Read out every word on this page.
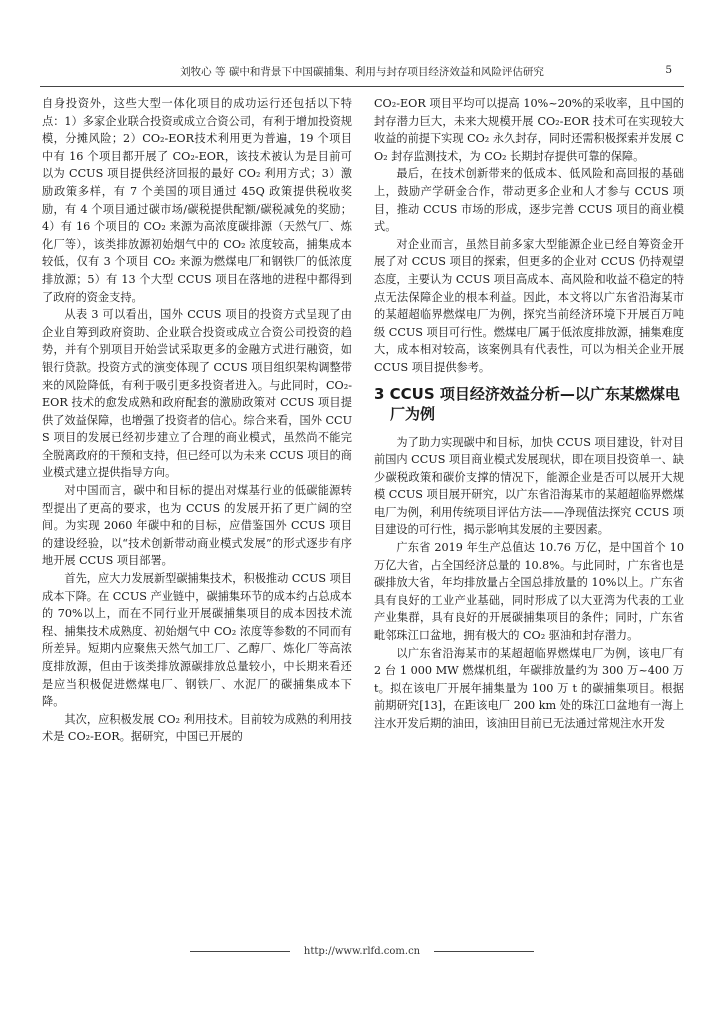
刘牧心 等 碳中和背景下中国碳捕集、利用与封存项目经济效益和风险评估研究	5

自身投资外，这些大型一体化项目的成功运行还包括以下特点：1）多家企业联合投资或成立合资公司，有利于增加投资规模，分摊风险；2）CO₂-EOR技术利用更为普遍，19 个项目中有 16 个项目都开展了 CO₂-EOR，该技术被认为是目前可以为 CCUS 项目提供经济回报的最好 CO₂ 利用方式；3）激励政策多样，有 7 个美国的项目通过 45Q 政策提供税收奖励，有 4 个项目通过碳市场/碳税提供配额/碳税减免的奖励；4）有 16 个项目的 CO₂ 来源为高浓度碳排源（天然气厂、炼化厂等），该类排放源初始烟气中的 CO₂ 浓度较高，捕集成本较低，仅有 3 个项目 CO₂ 来源为燃煤电厂和钢铁厂的低浓度排放源；5）有 13 个大型 CCUS 项目在落地的进程中都得到了政府的资金支持。

从表 3 可以看出，国外 CCUS 项目的投资方式呈现了由企业自筹到政府资助、企业联合投资或成立合资公司投资的趋势，并有个别项目开始尝试采取更多的金融方式进行融资，如银行贷款。投资方式的演变体现了 CCUS 项目组织架构调整带来的风险降低，有利于吸引更多投资者进入。与此同时，CO₂-EOR 技术的愈发成熟和政府配套的激励政策对 CCUS 项目提供了效益保障，也增强了投资者的信心。综合来看，国外 CCUS 项目的发展已经初步建立了合理的商业模式，虽然尚不能完全脱离政府的干预和支持，但已经可以为未来 CCUS 项目的商业模式建立提供指导方向。

对中国而言，碳中和目标的提出对煤基行业的低碳能源转型提出了更高的要求，也为 CCUS 的发展开拓了更广阔的空间。为实现 2060 年碳中和的目标，应借鉴国外 CCUS 项目的建设经验，以“技术创新带动商业模式发展”的形式逐步有序地开展 CCUS 项目部署。

首先，应大力发展新型碳捕集技术，积极推动 CCUS 项目成本下降。在 CCUS 产业链中，碳捕集环节的成本约占总成本的 70%以上，而在不同行业开展碳捕集项目的成本因技术流程、捕集技术成熟度、初始烟气中 CO₂ 浓度等参数的不同而有所差异。短期内应聚焦天然气加工厂、乙醇厂、炼化厂等高浓度排放源，但由于该类排放源碳排放总量较小，中长期来看还是应当积极促进燃煤电厂、钢铁厂、水泥厂的碳捕集成本下降。

其次，应积极发展 CO₂ 利用技术。目前较为成熟的利用技术是 CO₂-EOR。据研究，中国已开展的

CO₂-EOR 项目平均可以提高 10%~20%的采收率，且中国的封存潜力巨大，未来大规模开展 CO₂-EOR 技术可在实现较大收益的前提下实现 CO₂ 永久封存，同时还需积极探索并发展 CO₂ 封存监测技术，为 CO₂ 长期封存提供可靠的保障。

最后，在技术创新带来的低成本、低风险和高回报的基础上，鼓励产学研金合作，带动更多企业和人才参与 CCUS 项目，推动 CCUS 市场的形成，逐步完善 CCUS 项目的商业模式。

对企业而言，虽然目前多家大型能源企业已经自筹资金开展了对 CCUS 项目的探索，但更多的企业对 CCUS 仍持观望态度，主要认为 CCUS 项目高成本、高风险和收益不稳定的特点无法保障企业的根本利益。因此，本文将以广东省沿海某市的某超超临界燃煤电厂为例，探究当前经济环境下开展百万吨级 CCUS 项目可行性。燃煤电厂属于低浓度排放源，捕集难度大，成本相对较高，该案例具有代表性，可以为相关企业开展 CCUS 项目提供参考。

3 CCUS 项目经济效益分析—以广东某燃煤电厂为例

为了助力实现碳中和目标，加快 CCUS 项目建设，针对目前国内 CCUS 项目商业模式发展现状，即在项目投资单一、缺少碳税政策和碳价支撑的情况下，能源企业是否可以展开大规模 CCUS 项目展开研究，以广东省沿海某市的某超超临界燃煤电厂为例，利用传统项目评估方法——净现值法探究 CCUS 项目建设的可行性，揭示影响其发展的主要因素。

广东省 2019 年生产总值达 10.76 万亿，是中国首个 10 万亿大省，占全国经济总量的 10.8%。与此同时，广东省也是碳排放大省，年均排放量占全国总排放量的 10%以上。广东省具有良好的工业产业基础，同时形成了以大亚湾为代表的工业产业集群，具有良好的开展碳捕集项目的条件；同时，广东省毗邻珠江口盆地，拥有极大的 CO₂ 驱油和封存潜力。

以广东省沿海某市的某超超临界燃煤电厂为例，该电厂有 2 台 1 000 MW 燃煤机组，年碳排放量约为 300 万~400 万 t。拟在该电厂开展年捕集量为 100 万 t 的碳捕集项目。根据前期研究[13]，在距该电厂 200 km 处的珠江口盆地有一海上注水开发后期的油田，该油田目前已无法通过常规注水开发

http://www.rlfd.com.cn
